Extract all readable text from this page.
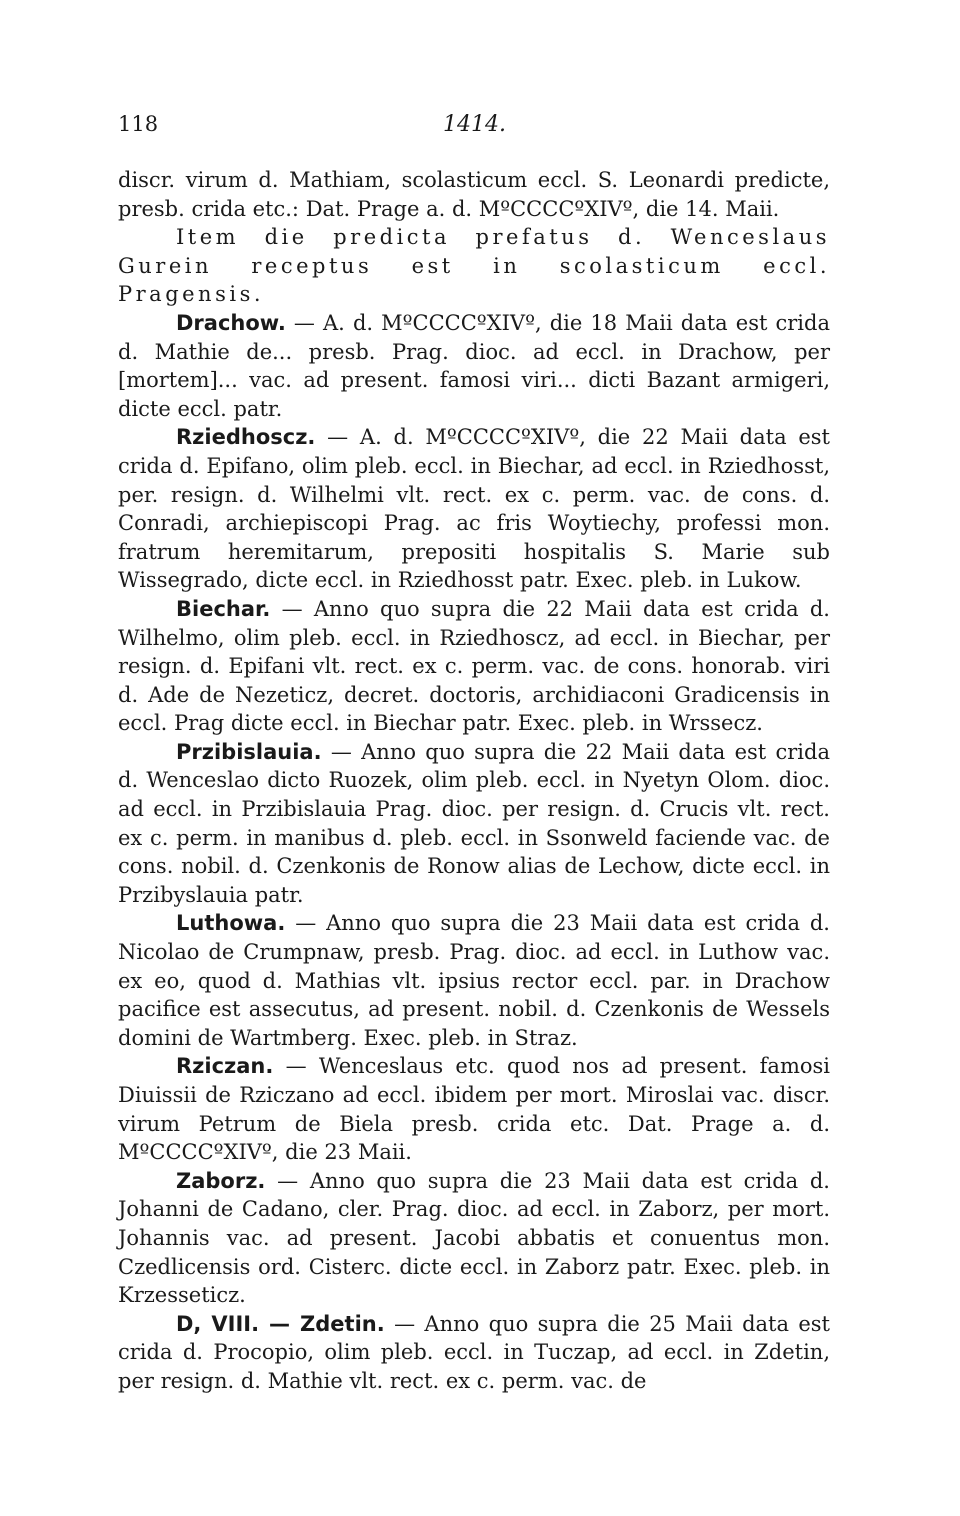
118	1414.

discr. virum d. Mathiam, scolasticum eccl. S. Leonardi predicte, presb. crida etc.: Dat. Prage a. d. MºCCCCºXIVº, die 14. Maii.

Item die predicta prefatus d. Wenceslaus Gurein receptus est in scolasticum eccl. Pragensis.

Drachow. — A. d. MºCCCCºXIVº, die 18 Maii data est crida d. Mathie de... presb. Prag. dioc. ad eccl. in Drachow, per [mortem]... vac. ad present. famosi viri... dicti Bazant armigeri, dicte eccl. patr.

Rziedhoscz. — A. d. MºCCCCºXIVº, die 22 Maii data est crida d. Epifano, olim pleb. eccl. in Biechar, ad eccl. in Rziedhosst, per. resign. d. Wilhelmi vlt. rect. ex c. perm. vac. de cons. d. Conradi, archiepiscopi Prag. ac fris Woytiechy, professi mon. fratrum heremitarum, prepositi hospitalis S. Marie sub Wissegrado, dicte eccl. in Rziedhosst patr. Exec. pleb. in Lukow.

Biechar. — Anno quo supra die 22 Maii data est crida d. Wilhelmo, olim pleb. eccl. in Rziedhoscz, ad eccl. in Biechar, per resign. d. Epifani vlt. rect. ex c. perm. vac. de cons. honorab. viri d. Ade de Nezeticz, decret. doctoris, archidiaconi Gradicensis in eccl. Prag dicte eccl. in Biechar patr. Exec. pleb. in Wrssecz.

Przibislauia. — Anno quo supra die 22 Maii data est crida d. Wenceslao dicto Ruozek, olim pleb. eccl. in Nyetyn Olom. dioc. ad eccl. in Przibislauia Prag. dioc. per resign. d. Crucis vlt. rect. ex c. perm. in manibus d. pleb. eccl. in Ssonweld faciende vac. de cons. nobil. d. Czenkonis de Ronow alias de Lechow, dicte eccl. in Przibyslauia patr.

Luthowa. — Anno quo supra die 23 Maii data est crida d. Nicolao de Crumpnaw, presb. Prag. dioc. ad eccl. in Luthow vac. ex eo, quod d. Mathias vlt. ipsius rector eccl. par. in Drachow pacifice est assecutus, ad present. nobil. d. Czenkonis de Wessels domini de Wartmberg. Exec. pleb. in Straz.

Rziczan. — Wenceslaus etc. quod nos ad present. famosi Diuissii de Rziczano ad eccl. ibidem per mort. Miroslai vac. discr. virum Petrum de Biela presb. crida etc. Dat. Prage a. d. MºCCCCºXIVº, die 23 Maii.

Zaborz. — Anno quo supra die 23 Maii data est crida d. Johanni de Cadano, cler. Prag. dioc. ad eccl. in Zaborz, per mort. Johannis vac. ad present. Jacobi abbatis et conuentus mon. Czedlicensis ord. Cisterc. dicte eccl. in Zaborz patr. Exec. pleb. in Krzesseticz.

D, VIII. — Zdetin. — Anno quo supra die 25 Maii data est crida d. Procopio, olim pleb. eccl. in Tuczap, ad eccl. in Zdetin, per resign. d. Mathie vlt. rect. ex c. perm. vac. de
